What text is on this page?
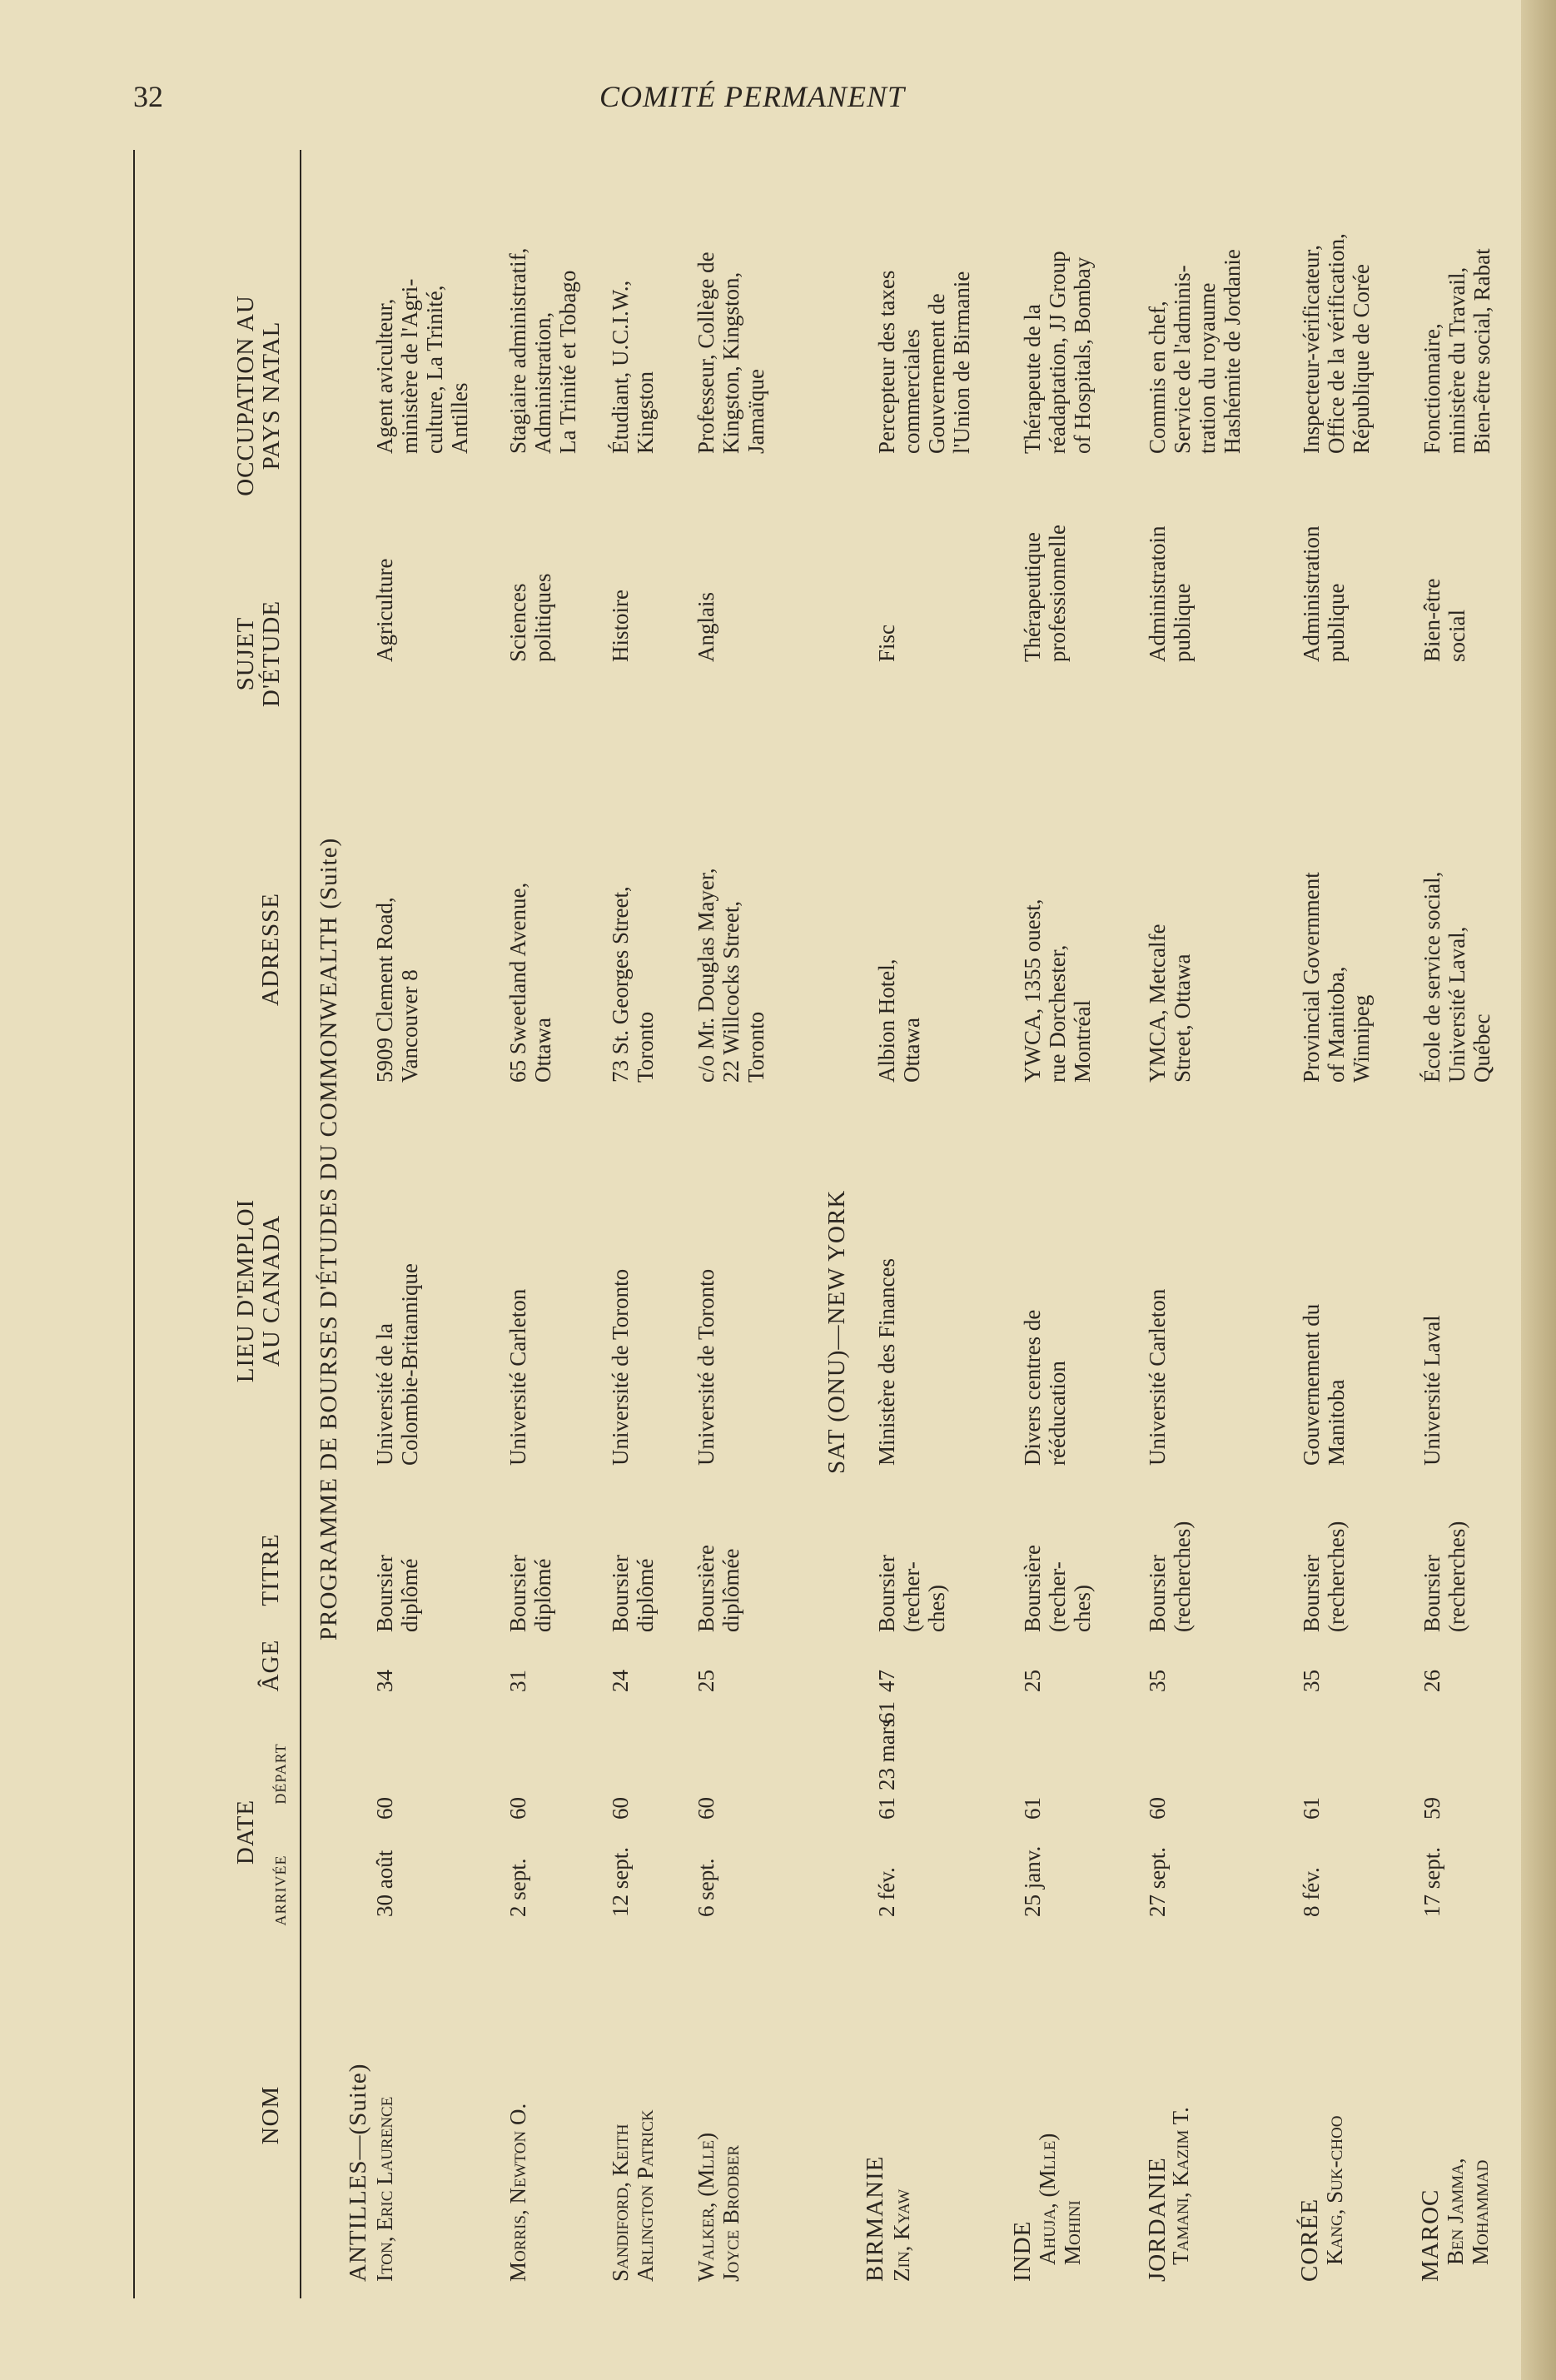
32	COMITÉ PERMANENT
NOM
DATE
ARRIVÉE
DÉPART
ÂGE
TITRE
LIEU D'EMPLOI
AU CANADA
ADRESSE
SUJET
D'ÉTUDE
OCCUPATION AU
PAYS NATAL
PROGRAMME DE BOURSES D'ÉTUDES DU COMMONWEALTH (Suite)
ANTILLES—(Suite) Iton, Eric Laurence
30 août
60
34
Boursier
diplômé
Université de la
Colombie-Britannique
5909 Clement Road,
Vancouver 8
Agriculture
Agent aviculteur,
ministère de l'Agri-
culture, La Trinité,
Antilles
Morris, Newton O.
2 sept.
60
31
Boursier
diplômé
Université Carleton
65 Sweetland Avenue,
Ottawa
Sciences
politiques
Stagiaire administratif,
Administration,
La Trinité et Tobago
Sandiford, Keith
Arlington Patrick
12 sept.
60
24
Boursier
diplômé
Université de Toronto
73 St. Georges Street,
Toronto
Histoire
Étudiant, U.C.I.W.,
Kingston
Walker, (Mlle)
Joyce Brodber
6 sept.
60
25
Boursière
diplômée
Université de Toronto
c/o Mr. Douglas Mayer,
22 Willcocks Street,
Toronto
Anglais
Professeur, Collège de
Kingston, Kingston,
Jamaïque
SAT (ONU)—NEW YORK
BIRMANIE Zin, Kyaw
2 fév.
61
23 mars
61
47
Boursier
(recher-
ches)
Ministère des Finances
Albion Hotel,
Ottawa
Fisc
Percepteur des taxes
commerciales
Gouvernement de
l'Union de Birmanie
INDE Ahuja, (Mlle)
Mohini
25 janv.
61
25
Boursière
(recher-
ches)
Divers centres de
rééducation
YWCA, 1355 ouest,
rue Dorchester,
Montréal
Thérapeutique
professionnelle
Thérapeute de la
réadaptation, JJ Group
of Hospitals, Bombay
JORDANIE
Tamani, Kazim T.
27 sept.
60
35
Boursier
(recherches)
Université Carleton
YMCA, Metcalfe
Street, Ottawa
Administratoin
publique
Commis en chef,
Service de l'adminis-
tration du royaume
Hashémite de Jordanie
CORÉE Kang, Suk-choo
8 fév.
61
35
Boursier
(recherches)
Gouvernement du
Manitoba
Provincial Government
of Manitoba,
Winnipeg
Administration
publique
Inspecteur-vérificateur,
Office de la vérification,
République de Corée
MAROC Ben Jamma,
Mohammad
17 sept.
59
26
Boursier
(recherches)
Université Laval
École de service social,
Université Laval,
Québec
Bien-être
social
Fonctionnaire,
ministère du Travail,
Bien-être social, Rabat
